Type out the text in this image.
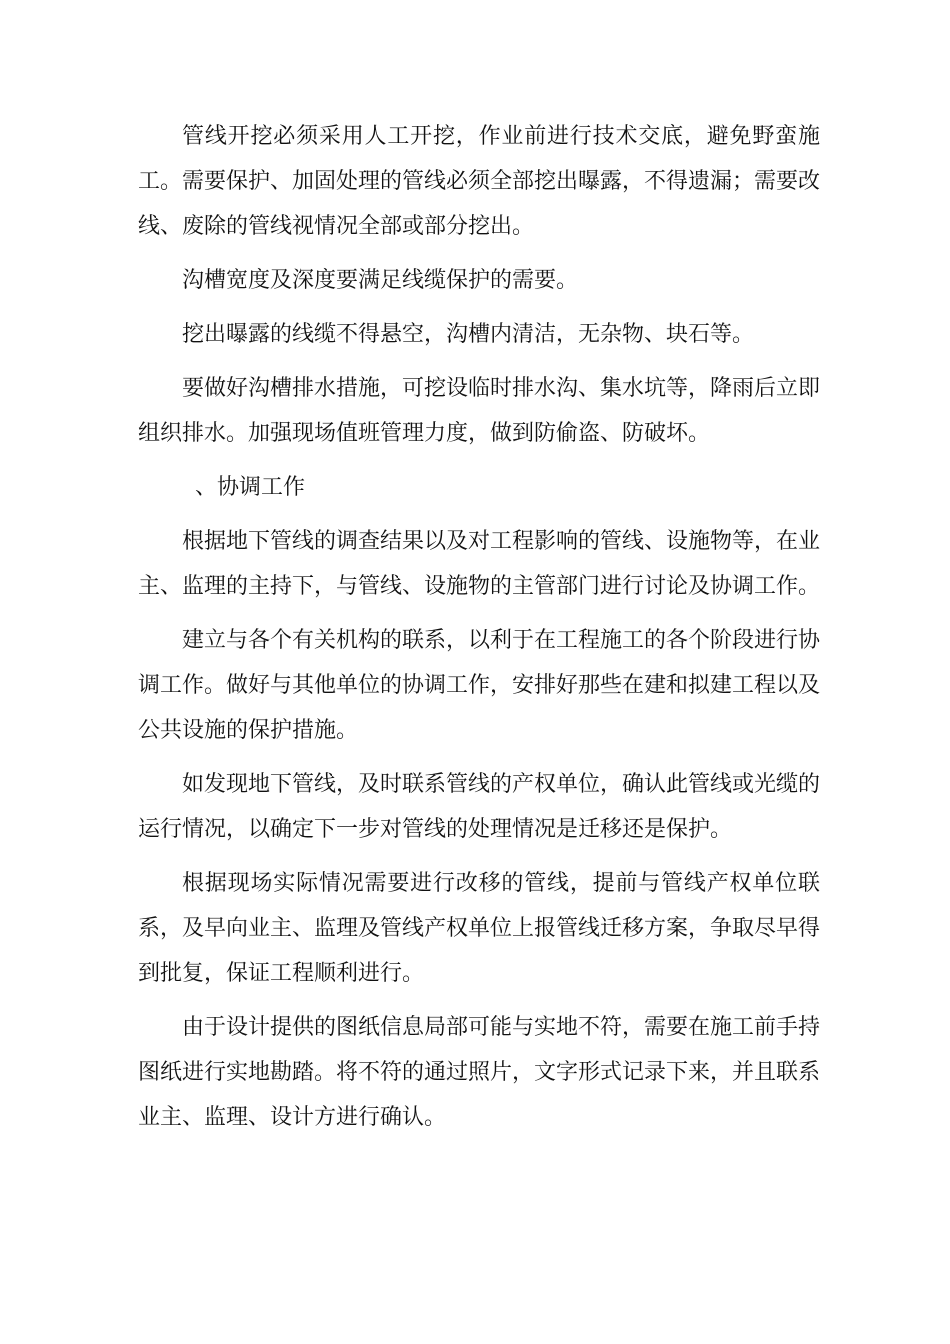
管线开挖必须采用人工开挖，作业前进行技术交底，避免野蛮施工。需要保护、加固处理的管线必须全部挖出曝露，不得遗漏；需要改线、废除的管线视情况全部或部分挖出。

沟槽宽度及深度要满足线缆保护的需要。

挖出曝露的线缆不得悬空，沟槽内清洁，无杂物、块石等。

要做好沟槽排水措施，可挖设临时排水沟、集水坑等，降雨后立即组织排水。加强现场值班管理力度，做到防偷盗、防破坏。

、协调工作

根据地下管线的调查结果以及对工程影响的管线、设施物等，在业主、监理的主持下，与管线、设施物的主管部门进行讨论及协调工作。

建立与各个有关机构的联系，以利于在工程施工的各个阶段进行协调工作。做好与其他单位的协调工作，安排好那些在建和拟建工程以及公共设施的保护措施。

如发现地下管线，及时联系管线的产权单位，确认此管线或光缆的运行情况，以确定下一步对管线的处理情况是迁移还是保护。

根据现场实际情况需要进行改移的管线，提前与管线产权单位联系，及早向业主、监理及管线产权单位上报管线迁移方案，争取尽早得到批复，保证工程顺利进行。

由于设计提供的图纸信息局部可能与实地不符，需要在施工前手持图纸进行实地勘踏。将不符的通过照片，文字形式记录下来，并且联系业主、监理、设计方进行确认。
